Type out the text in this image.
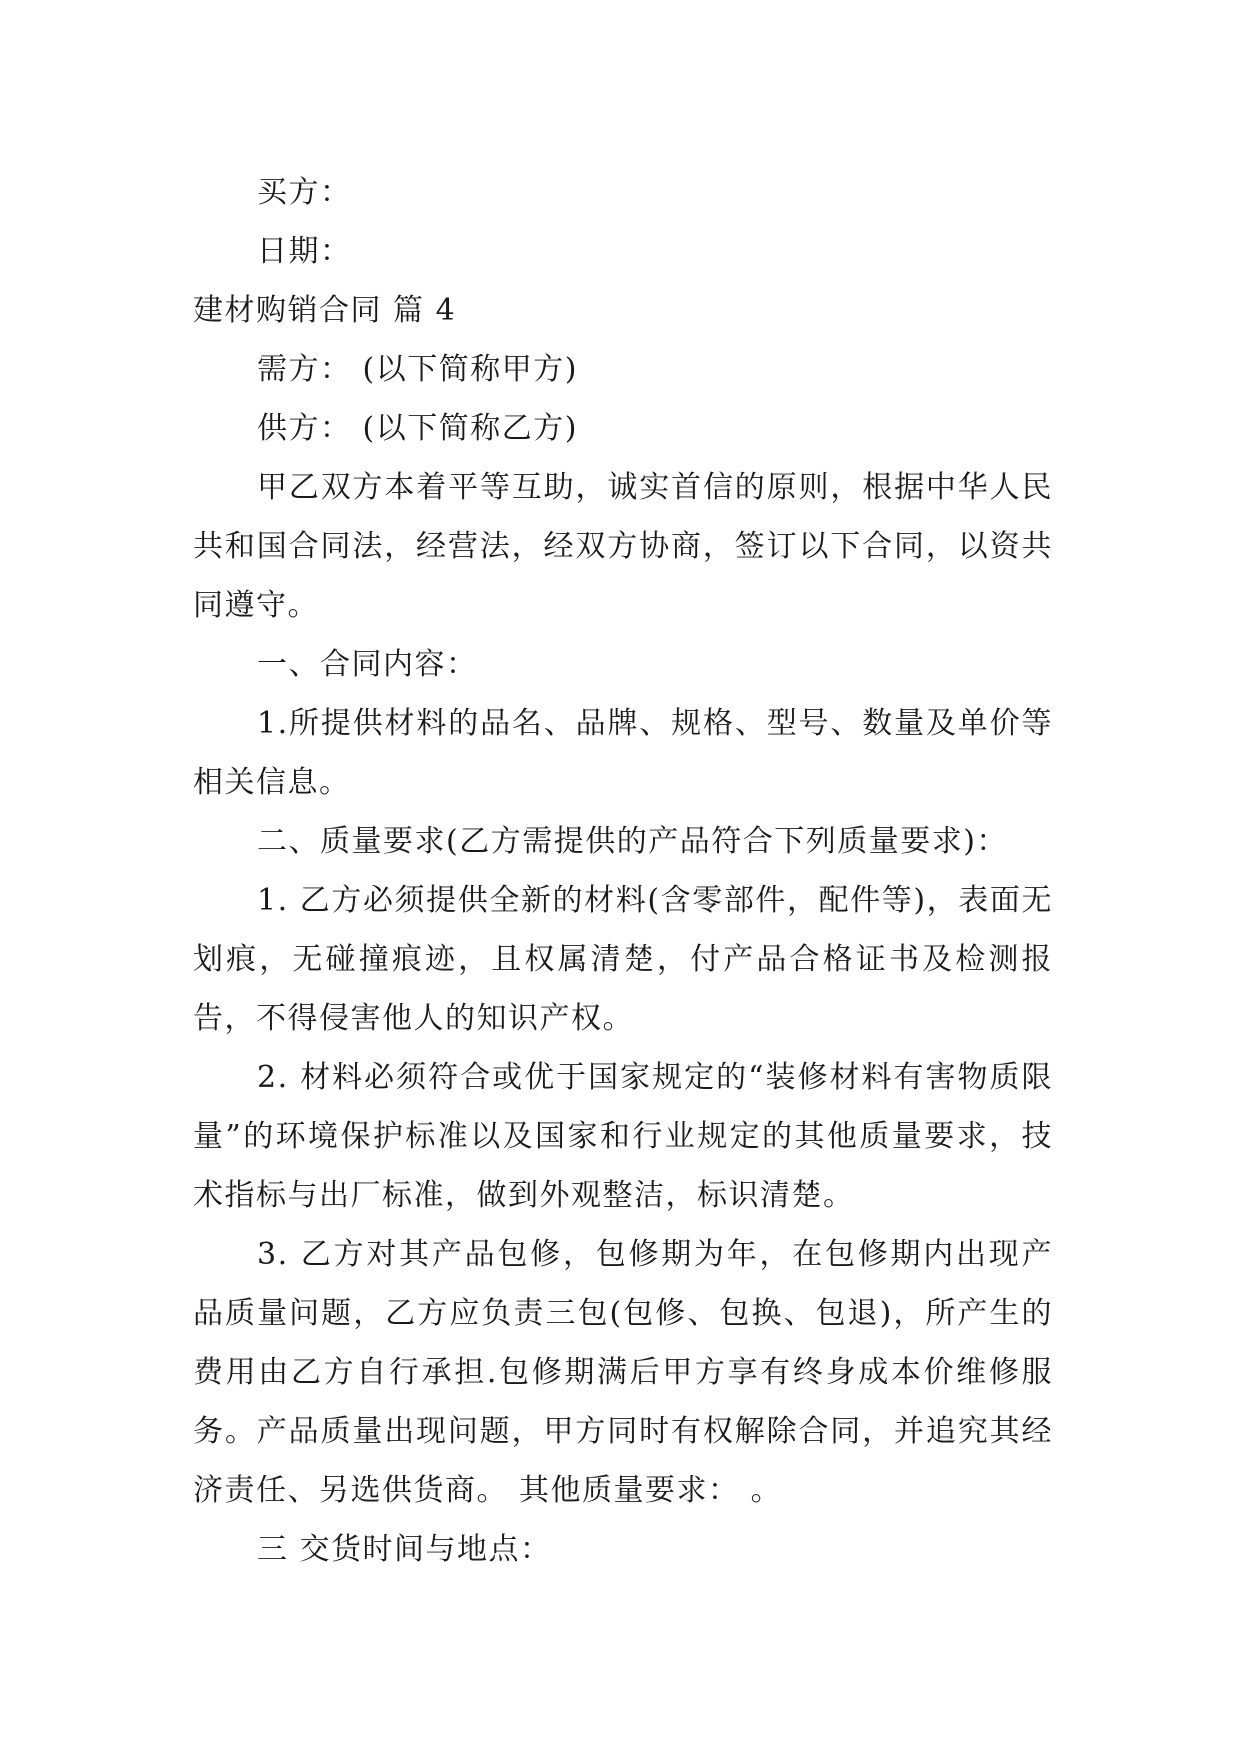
买方：
日期：
建材购销合同 篇 4
需方： (以下简称甲方)
供方： (以下简称乙方)
甲乙双方本着平等互助，诚实首信的原则，根据中华人民共和国合同法，经营法，经双方协商，签订以下合同，以资共同遵守。
一、合同内容：
1.所提供材料的品名、品牌、规格、型号、数量及单价等相关信息。
二、质量要求(乙方需提供的产品符合下列质量要求)：
1. 乙方必须提供全新的材料(含零部件，配件等)，表面无划痕，无碰撞痕迹，且权属清楚，付产品合格证书及检测报告，不得侵害他人的知识产权。
2. 材料必须符合或优于国家规定的“装修材料有害物质限量”的环境保护标准以及国家和行业规定的其他质量要求，技术指标与出厂标准，做到外观整洁，标识清楚。
3. 乙方对其产品包修，包修期为年，在包修期内出现产品质量问题，乙方应负责三包(包修、包换、包退)，所产生的费用由乙方自行承担.包修期满后甲方享有终身成本价维修服务。产品质量出现问题，甲方同时有权解除合同，并追究其经济责任、另选供货商。 其他质量要求： 。
三 交货时间与地点：
